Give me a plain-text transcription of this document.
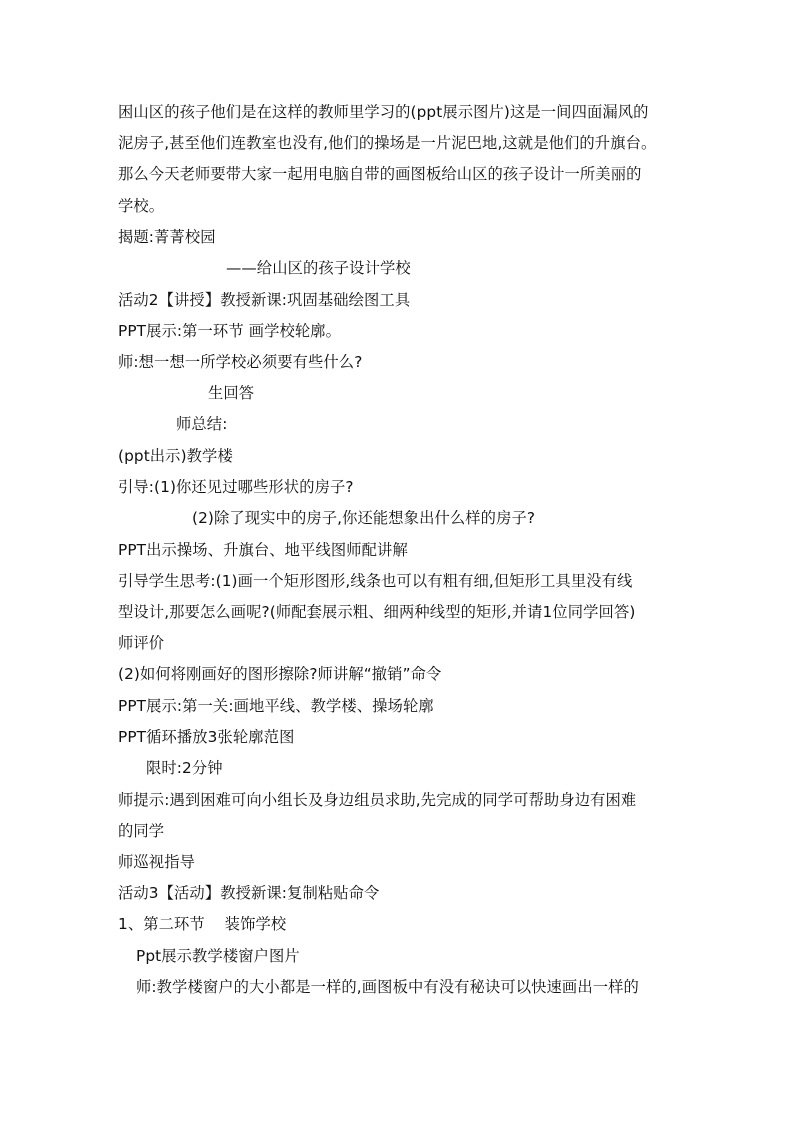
困山区的孩子他们是在这样的教师里学习的(ppt展示图片)这是一间四面漏风的
泥房子,甚至他们连教室也没有,他们的操场是一片泥巴地,这就是他们的升旗台。
那么今天老师要带大家一起用电脑自带的画图板给山区的孩子设计一所美丽的
学校。
揭题:菁菁校园
——给山区的孩子设计学校
活动2【讲授】教授新课:巩固基础绘图工具
PPT展示:第一环节 画学校轮廓。
师:想一想一所学校必须要有些什么?
生回答
师总结:
(ppt出示)教学楼
引导:(1)你还见过哪些形状的房子?
(2)除了现实中的房子,你还能想象出什么样的房子?
PPT出示操场、升旗台、地平线图师配讲解
引导学生思考:(1)画一个矩形图形,线条也可以有粗有细,但矩形工具里没有线
型设计,那要怎么画呢?(师配套展示粗、细两种线型的矩形,并请1位同学回答)
师评价
(2)如何将刚画好的图形擦除?师讲解“撤销”命令
PPT展示:第一关:画地平线、教学楼、操场轮廓
PPT循环播放3张轮廓范图
限时:2分钟
师提示:遇到困难可向小组长及身边组员求助,先完成的同学可帮助身边有困难
的同学
师巡视指导
活动3【活动】教授新课:复制粘贴命令
1、第二环节    装饰学校
Ppt展示教学楼窗户图片
师:教学楼窗户的大小都是一样的,画图板中有没有秘诀可以快速画出一样的
